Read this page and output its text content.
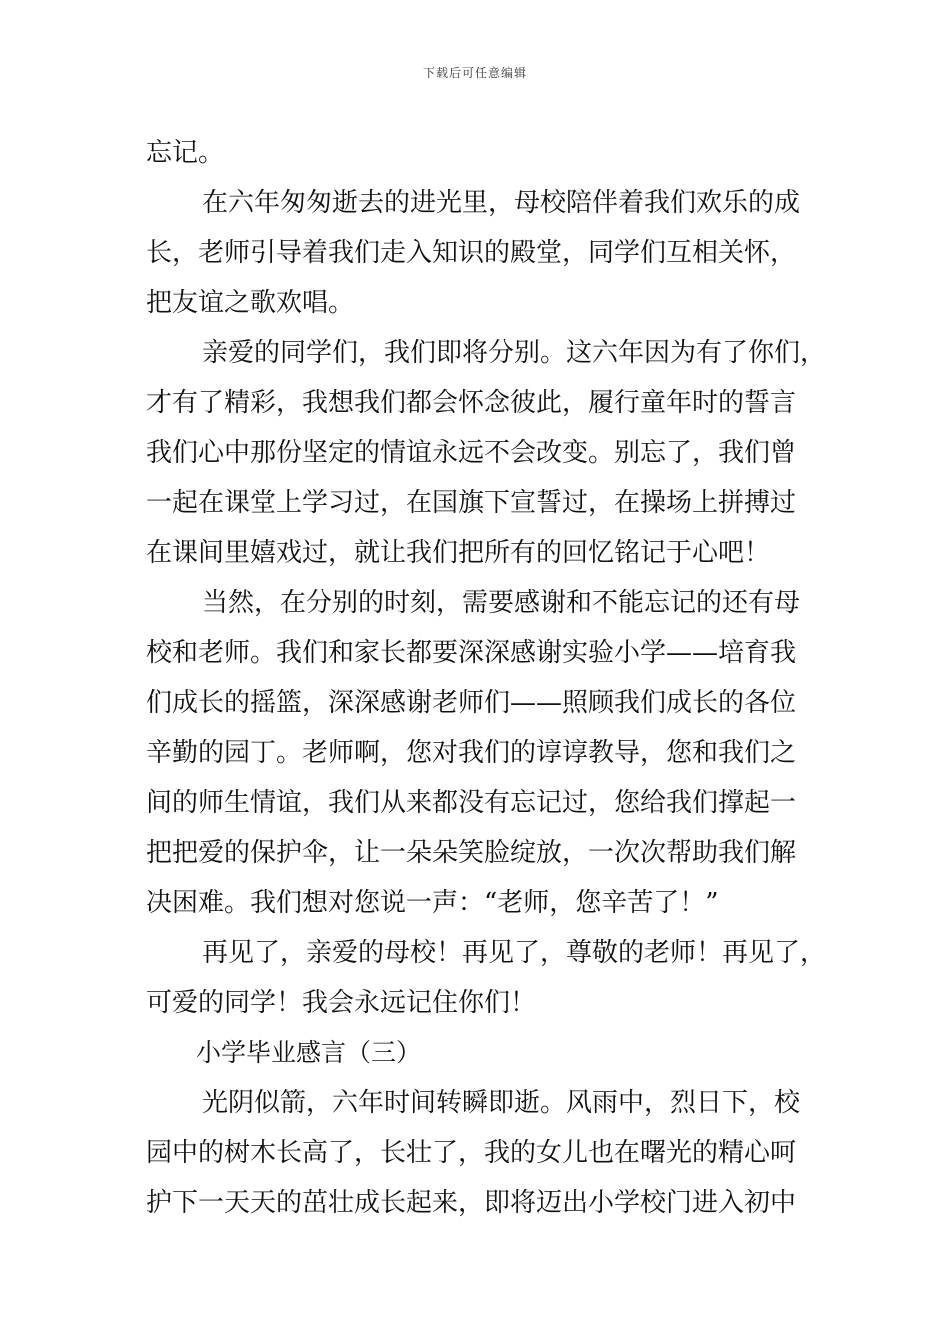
下载后可任意编辑
忘记。
在六年匆匆逝去的进光里，母校陪伴着我们欢乐的成
长，老师引导着我们走入知识的殿堂，同学们互相关怀，
把友谊之歌欢唱。
亲爱的同学们，我们即将分别。这六年因为有了你们，
才有了精彩，我想我们都会怀念彼此，履行童年时的誓言
我们心中那份坚定的情谊永远不会改变。别忘了，我们曾
一起在课堂上学习过，在国旗下宣誓过，在操场上拼搏过
在课间里嬉戏过，就让我们把所有的回忆铭记于心吧！
当然，在分别的时刻，需要感谢和不能忘记的还有母
校和老师。我们和家长都要深深感谢实验小学——培育我
们成长的摇篮，深深感谢老师们——照顾我们成长的各位
辛勤的园丁。老师啊，您对我们的谆谆教导，您和我们之
间的师生情谊，我们从来都没有忘记过，您给我们撑起一
把把爱的保护伞，让一朵朵笑脸绽放，一次次帮助我们解
决困难。我们想对您说一声：“老师，您辛苦了！”
再见了，亲爱的母校！再见了，尊敬的老师！再见了，
可爱的同学！我会永远记住你们！
小学毕业感言（三）
光阴似箭，六年时间转瞬即逝。风雨中，烈日下，校
园中的树木长高了，长壮了，我的女儿也在曙光的精心呵
护下一天天的茁壮成长起来，即将迈出小学校门进入初中
